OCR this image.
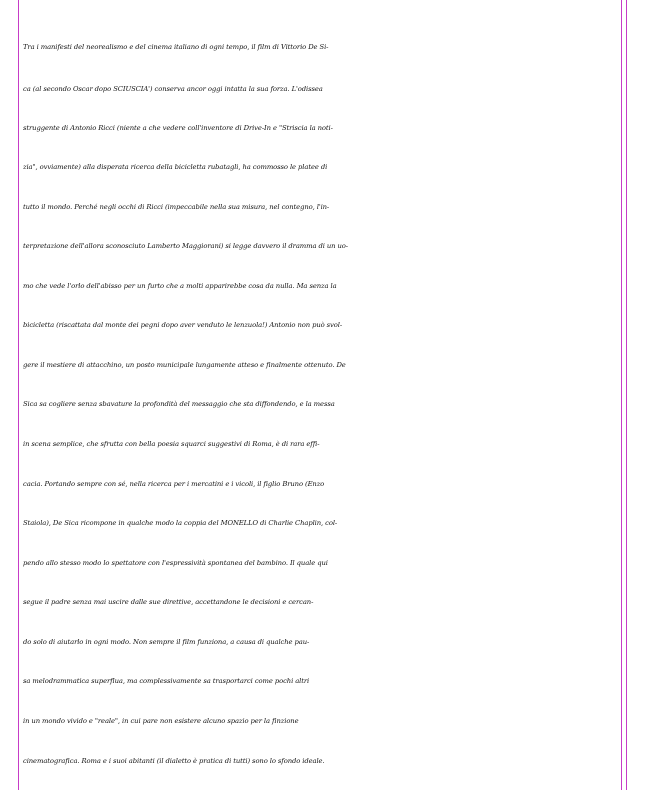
Tra i manifesti del neorealismo e del cinema italiano di ogni tempo, il film di Vittorio De Si-
ca (al secondo Oscar dopo SCIUSCIA') conserva ancor oggi intatta la sua forza. L'odissea
struggente di Antonio Ricci (niente a che vedere coll'inventore di Drive-In e "Striscia la noti-
zia", ovviamente) alla disperata ricerca della bicicletta rubatagli, ha commosso le platee di
tutto il mondo. Perché negli occhi di Ricci (impeccabile nella sua misura, nel contegno, l'in-
terpretazione dell'allora sconosciuto Lamberto Maggiorani) si legge davvero il dramma di un uo-
mo che vede l'orlo dell'abisso per un furto che a molti apparirebbe cosa da nulla. Ma senza la
bicicletta (riscattata dal monte dei pegni dopo aver venduto le lenzuola!) Antonio non può svol-
gere il mestiere di attacchino, un posto municipale lungamente atteso e finalmente ottenuto. De
Sica sa cogliere senza sbavature la profondità del messaggio che sta diffondendo, e la messa
in scena semplice, che sfrutta con bella poesia squarci suggestivi di Roma, è di rara effi-
cacia. Portando sempre con sé, nella ricerca per i mercatini e i vicoli, il figlio Bruno (Enzo
Staiola), De Sica ricompone in qualche modo la coppia del MONELLO di Charlie Chaplin, col-
pendo allo stesso modo lo spettatore con l'espressività spontanea del bambino. Il quale qui
segue il padre senza mai uscire dalle sue direttive, accettandone le decisioni e cercan-
do solo di aiutarlo in ogni modo. Non sempre il film funziona, a causa di qualche pau-
sa melodrammatica superflua, ma complessivamente sa trasportarci come pochi altri
in un mondo vivido e "reale", in cui pare non esistere alcuno spazio per la finzione
cinematografica. Roma e i suoi abitanti (il dialetto è pratica di tutti) sono lo sfondo ideale.
